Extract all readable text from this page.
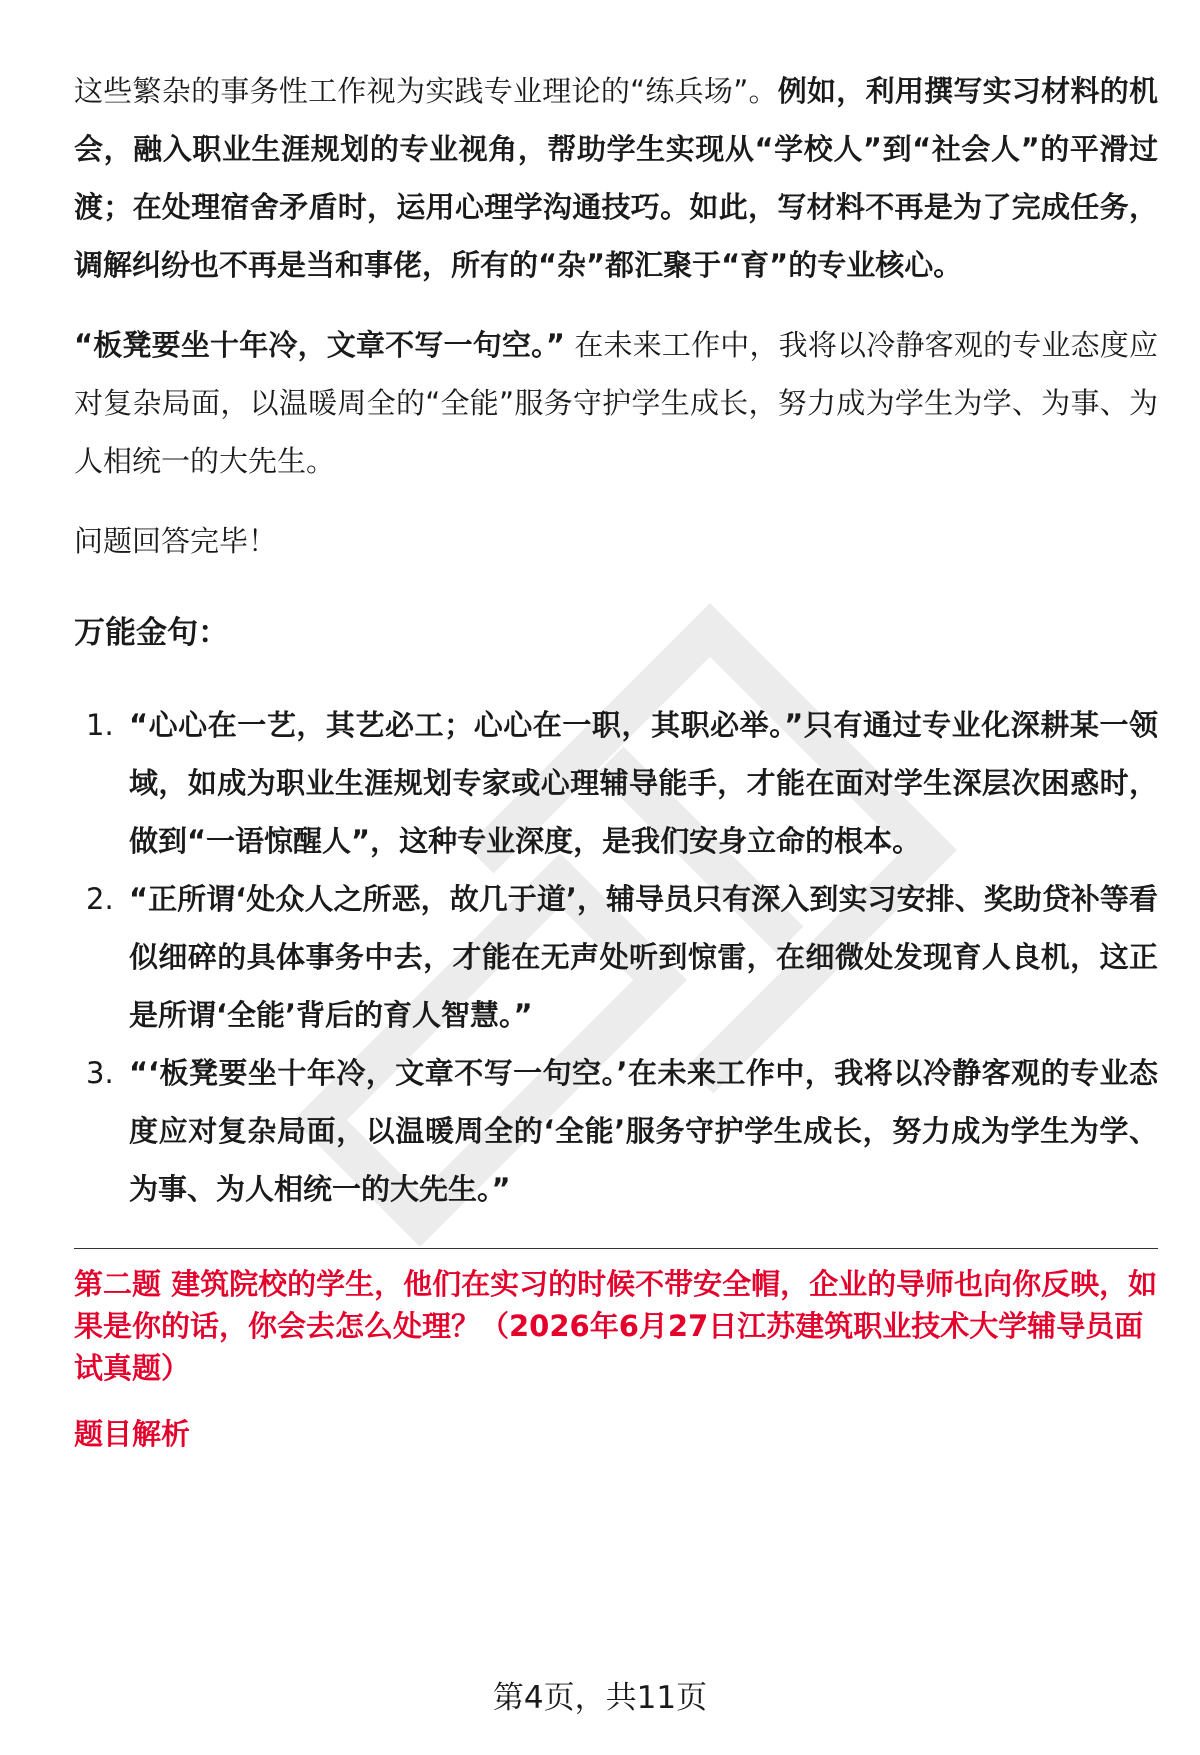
这些繁杂的事务性工作视为实践专业理论的“练兵场”。例如，利用撰写实习材料的机会，融入职业生涯规划的专业视角，帮助学生实现从“学校人”到“社会人”的平滑过渡；在处理宿舍矛盾时，运用心理学沟通技巧。如此，写材料不再是为了完成任务，调解纠纷也不再是当和事佬，所有的“杂”都汇聚于“育”的专业核心。

“板凳要坐十年冷，文章不写一句空。” 在未来工作中，我将以冷静客观的专业态度应对复杂局面，以温暖周全的“全能”服务守护学生成长，努力成为学生为学、为事、为人相统一的大先生。

问题回答完毕！

万能金句：
1. “心心在一艺，其艺必工；心心在一职，其职必举。”只有通过专业化深耕某一领域，如成为职业生涯规划专家或心理辅导能手，才能在面对学生深层次困惑时，做到“一语惊醒人”，这种专业深度，是我们安身立命的根本。
2. “正所谓‘处众人之所恶，故几于道’，辅导员只有深入到实习安排、奖助贷补等看似细碎的具体事务中去，才能在无声处听到惊雷，在细微处发现育人良机，这正是所谓‘全能’背后的育人智慧。”
3. “‘板凳要坐十年冷，文章不写一句空。’在未来工作中，我将以冷静客观的专业态度应对复杂局面，以温暖周全的‘全能’服务守护学生成长，努力成为学生为学、为事、为人相统一的大先生。”

第二题 建筑院校的学生，他们在实习的时候不带安全帽，企业的导师也向你反映，如果是你的话，你会去怎么处理？（2026年6月27日江苏建筑职业技术大学辅导员面试真题）

题目解析

第4页，共11页
